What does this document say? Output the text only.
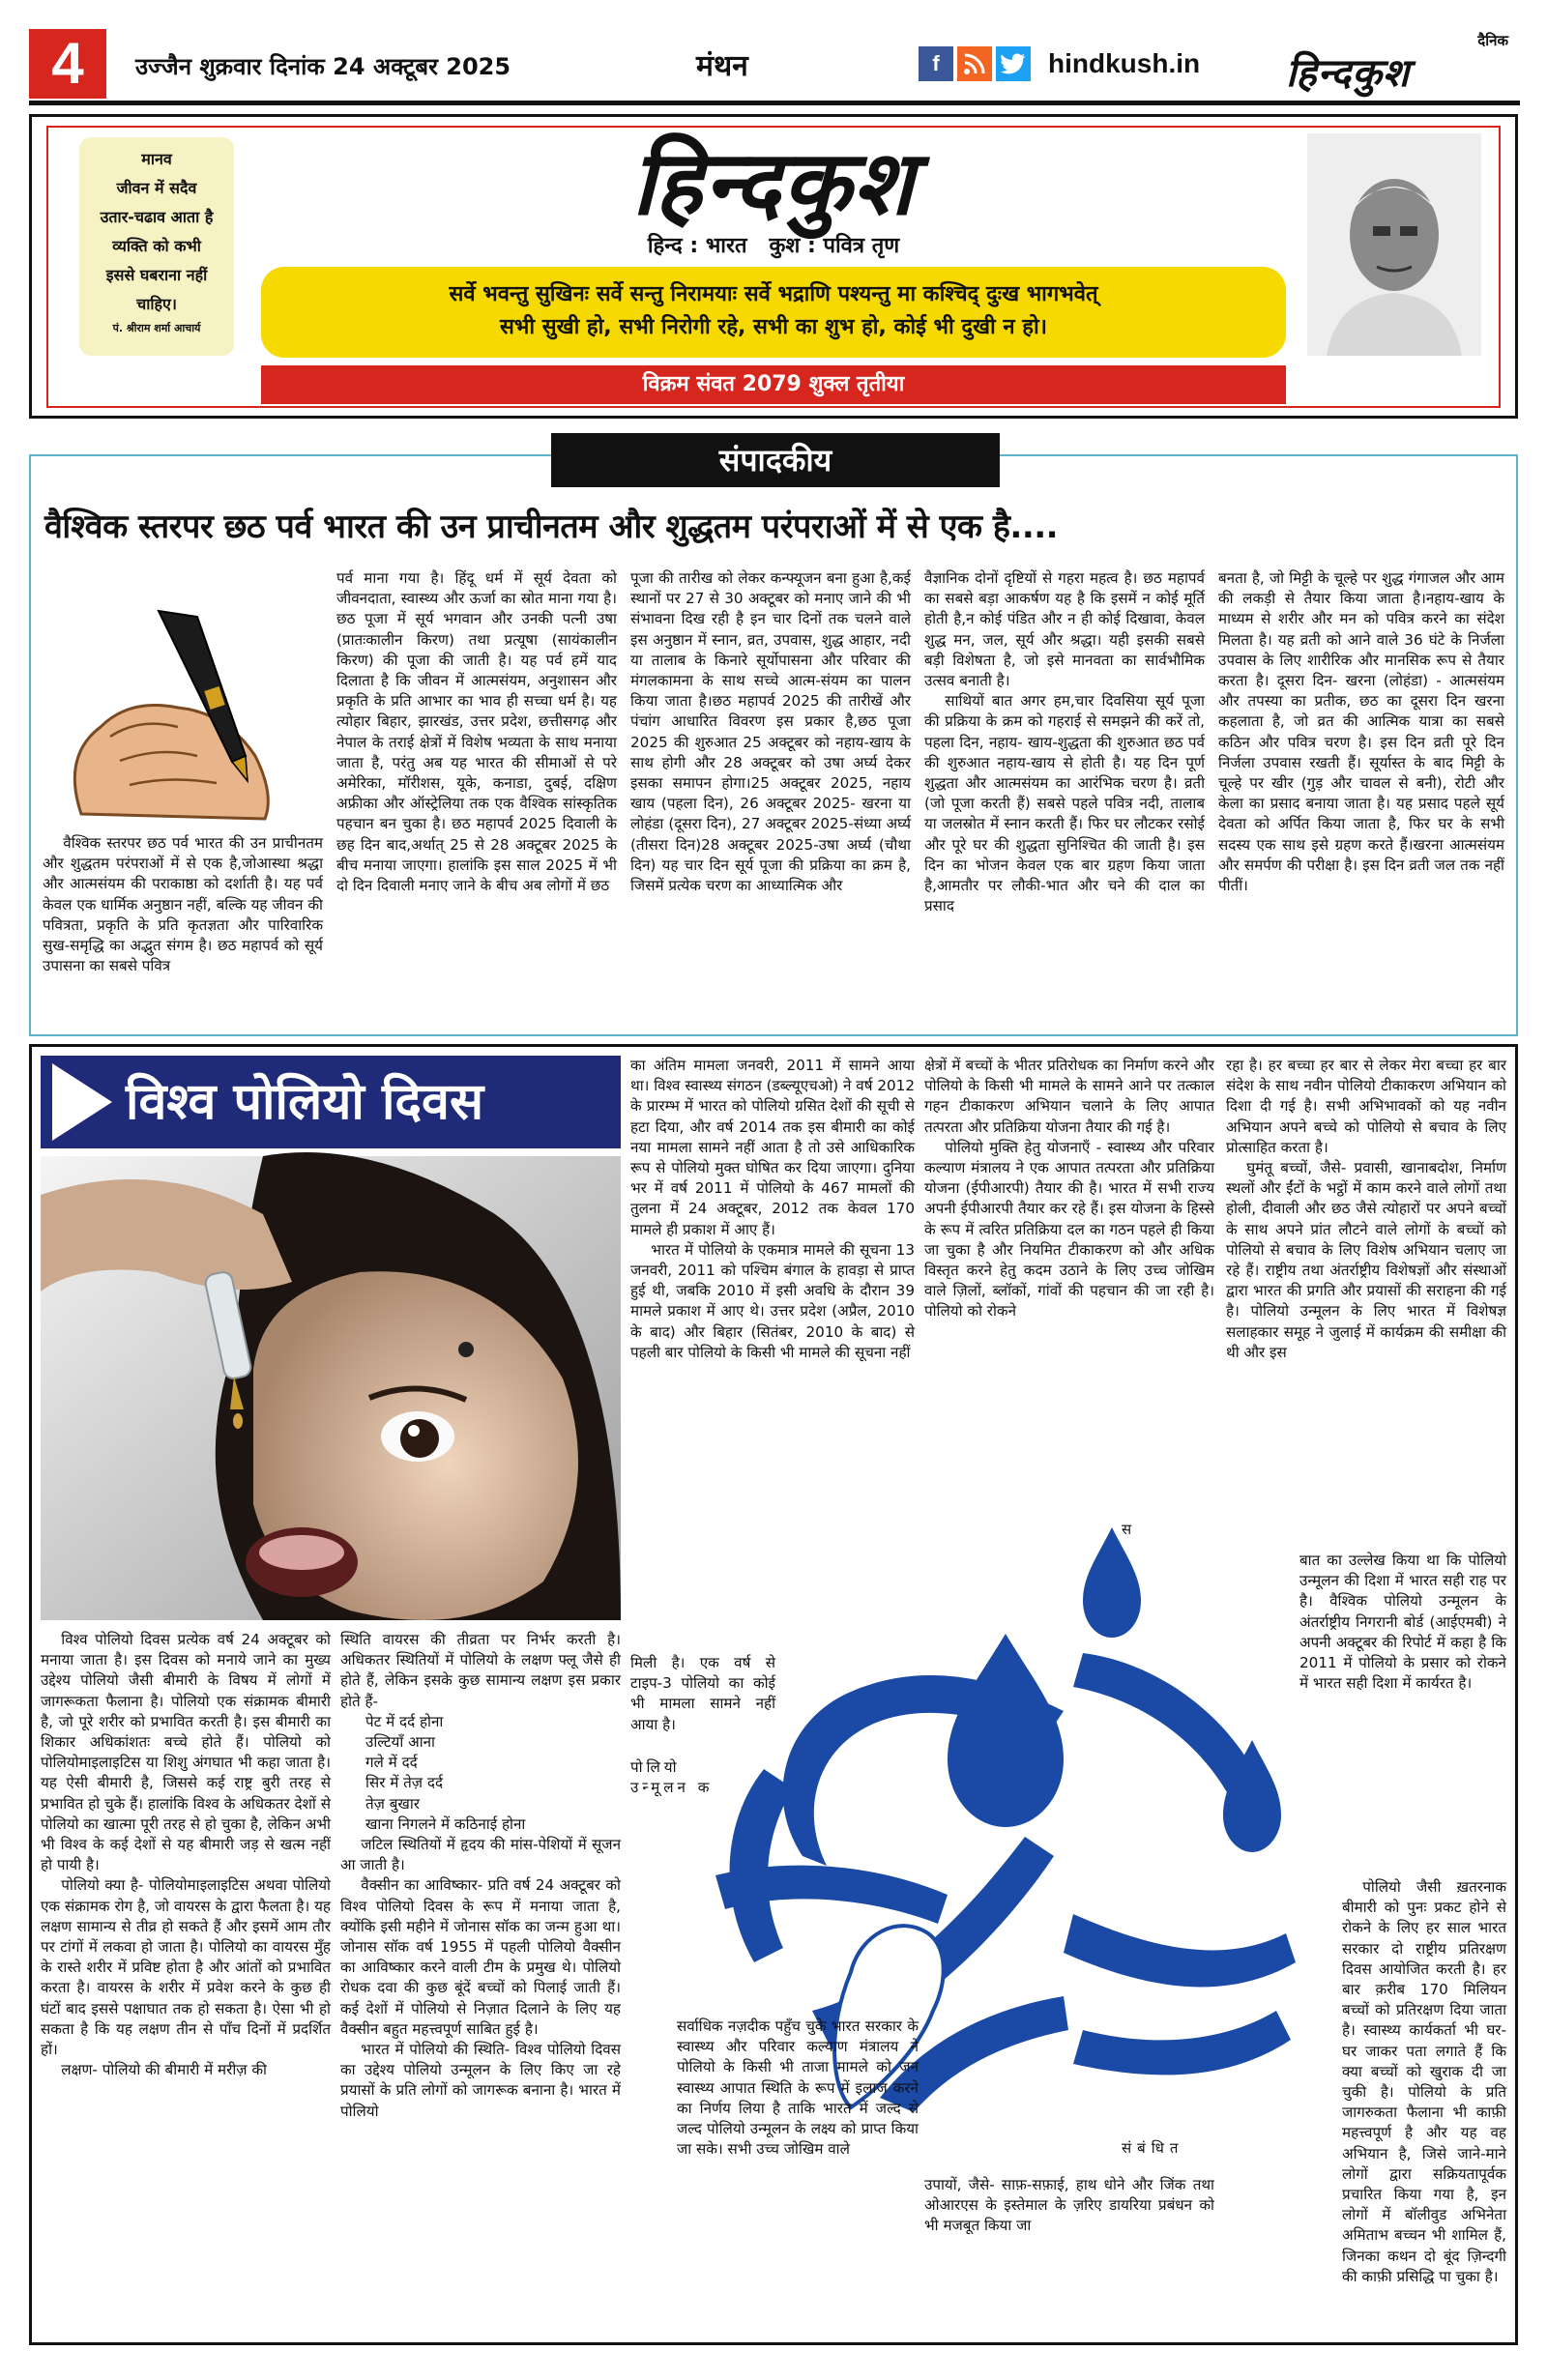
4	उज्जैन शुक्रवार दिनांक 24 अक्टूबर 2025	मंथन	f	hindkush.in
दैनिक
हिन्दकुश
मानव
जीवन में सदैव
उतार-चढाव आता है
व्यक्ति को कभी
इससे घबराना नहीं
चाहिए।
पं. श्रीराम शर्मा आचार्य
हिन्दकुश
हिन्द : भारत   कुश : पवित्र तृण
सर्वे भवन्तु सुखिनः सर्वे सन्तु निरामयाः सर्वे भद्राणि पश्यन्तु मा कश्चिद् दुःख भागभवेत्
सभी सुखी हो, सभी निरोगी रहे, सभी का शुभ हो, कोई भी दुखी न हो।
विक्रम संवत 2079 शुक्ल तृतीया
संपादकीय
वैश्विक स्तरपर छठ पर्व भारत की उन प्राचीनतम और शुद्धतम परंपराओं में से एक है....

वैश्विक स्तरपर छठ पर्व भारत की उन प्राचीनतम और शुद्धतम परंपराओं में से एक है,जोआस्था श्रद्धा और आत्मसंयम की पराकाष्ठा को दर्शाती है। यह पर्व केवल एक धार्मिक अनुष्ठान नहीं, बल्कि यह जीवन की पवित्रता, प्रकृति के प्रति कृतज्ञता और पारिवारिक सुख-समृद्धि का अद्भुत संगम है। छठ महापर्व को सूर्य उपासना का सबसे पवित्र

पर्व माना गया है। हिंदू धर्म में सूर्य देवता को जीवनदाता, स्वास्थ्य और ऊर्जा का स्रोत माना गया है। छठ पूजा में सूर्य भगवान और उनकी पत्नी उषा (प्रातःकालीन किरण) तथा प्रत्यूषा (सायंकालीन किरण) की पूजा की जाती है। यह पर्व हमें याद दिलाता है कि जीवन में आत्मसंयम, अनुशासन और प्रकृति के प्रति आभार का भाव ही सच्चा धर्म है। यह त्योहार बिहार, झारखंड, उत्तर प्रदेश, छत्तीसगढ़ और नेपाल के तराई क्षेत्रों में विशेष भव्यता के साथ मनाया जाता है, परंतु अब यह भारत की सीमाओं से परे अमेरिका, मॉरीशस, यूके, कनाडा, दुबई, दक्षिण अफ्रीका और ऑस्ट्रेलिया तक एक वैश्विक सांस्कृतिक पहचान बन चुका है। छठ महापर्व 2025 दिवाली के छह दिन बाद,अर्थात् 25 से 28 अक्टूबर 2025 के बीच मनाया जाएगा। हालांकि इस साल 2025 में भी दो दिन दिवाली मनाए जाने के बीच अब लोगों में छठ

पूजा की तारीख को लेकर कन्फ्यूजन बना हुआ है,कई स्थानों पर 27 से 30 अक्टूबर को मनाए जाने की भी संभावना दिख रही है इन चार दिनों तक चलने वाले इस अनुष्ठान में स्नान, व्रत, उपवास, शुद्ध आहार, नदी या तालाब के किनारे सूर्योपासना और परिवार की मंगलकामना के साथ सच्चे आत्म-संयम का पालन किया जाता है।छठ महापर्व 2025 की तारीखें और पंचांग आधारित विवरण इस प्रकार है,छठ पूजा 2025 की शुरुआत 25 अक्टूबर को नहाय-खाय के साथ होगी और 28 अक्टूबर को उषा अर्घ्य देकर इसका समापन होगा।25 अक्टूबर 2025, नहाय खाय (पहला दिन), 26 अक्टूबर 2025- खरना या लोहंडा (दूसरा दिन), 27 अक्टूबर 2025-संध्या अर्घ्य (तीसरा दिन)28 अक्टूबर 2025-उषा अर्घ्य (चौथा दिन) यह चार दिन सूर्य पूजा की प्रक्रिया का क्रम है, जिसमें प्रत्येक चरण का आध्यात्मिक और

वैज्ञानिक दोनों दृष्टियों से गहरा महत्व है। छठ महापर्व का सबसे बड़ा आकर्षण यह है कि इसमें न कोई मूर्ति होती है,न कोई पंडित और न ही कोई दिखावा, केवल शुद्ध मन, जल, सूर्य और श्रद्धा। यही इसकी सबसे बड़ी विशेषता है, जो इसे मानवता का सार्वभौमिक उत्सव बनाती है।

साथियों बात अगर हम,चार दिवसिया सूर्य पूजा की प्रक्रिया के क्रम को गहराई से समझने की करें तो, पहला दिन, नहाय- खाय-शुद्धता की शुरुआत छठ पर्व की शुरुआत नहाय-खाय से होती है। यह दिन पूर्ण शुद्धता और आत्मसंयम का आरंभिक चरण है। व्रती (जो पूजा करती हैं) सबसे पहले पवित्र नदी, तालाब या जलस्रोत में स्नान करती हैं। फिर घर लौटकर रसोई और पूरे घर की शुद्धता सुनिश्चित की जाती है। इस दिन का भोजन केवल एक बार ग्रहण किया जाता है,आमतौर पर लौकी-भात और चने की दाल का प्रसाद

बनता है, जो मिट्टी के चूल्हे पर शुद्ध गंगाजल और आम की लकड़ी से तैयार किया जाता है।नहाय-खाय के माध्यम से शरीर और मन को पवित्र करने का संदेश मिलता है। यह व्रती को आने वाले 36 घंटे के निर्जला उपवास के लिए शारीरिक और मानसिक रूप से तैयार करता है। दूसरा दिन- खरना (लोहंडा) - आत्मसंयम और तपस्या का प्रतीक, छठ का दूसरा दिन खरना कहलाता है, जो व्रत की आत्मिक यात्रा का सबसे कठिन और पवित्र चरण है। इस दिन व्रती पूरे दिन निर्जला उपवास रखती हैं। सूर्यास्त के बाद मिट्टी के चूल्हे पर खीर (गुड़ और चावल से बनी), रोटी और केला का प्रसाद बनाया जाता है। यह प्रसाद पहले सूर्य देवता को अर्पित किया जाता है, फिर घर के सभी सदस्य एक साथ इसे ग्रहण करते हैं।खरना आत्मसंयम और समर्पण की परीक्षा है। इस दिन व्रती जल तक नहीं पीतीं।

विश्व पोलियो दिवस

विश्व पोलियो दिवस प्रत्येक वर्ष 24 अक्टूबर को मनाया जाता है। इस दिवस को मनाये जाने का मुख्य उद्देश्य पोलियो जैसी बीमारी के विषय में लोगों में जागरूकता फैलाना है। पोलियो एक संक्रामक बीमारी है, जो पूरे शरीर को प्रभावित करती है। इस बीमारी का शिकार अधिकांशतः बच्चे होते हैं। पोलियो को पोलियोमाइलाइटिस या शिशु अंगघात भी कहा जाता है। यह ऐसी बीमारी है, जिससे कई राष्ट्र बुरी तरह से प्रभावित हो चुके हैं। हालांकि विश्व के अधिकतर देशों से पोलियो का खात्मा पूरी तरह से हो चुका है, लेकिन अभी भी विश्व के कई देशों से यह बीमारी जड़ से खत्म नहीं हो पायी है।

पोलियो क्या है- पोलियोमाइलाइटिस अथवा पोलियो एक संक्रामक रोग है, जो वायरस के द्वारा फैलता है। यह लक्षण सामान्य से तीव्र हो सकते हैं और इसमें आम तौर पर टांगों में लकवा हो जाता है। पोलियो का वायरस मुँह के रास्ते शरीर में प्रविष्ट होता है और आंतों को प्रभावित करता है। वायरस के शरीर में प्रवेश करने के कुछ ही घंटों बाद इससे पक्षाघात तक हो सकता है। ऐसा भी हो सकता है कि यह लक्षण तीन से पाँच दिनों में प्रदर्शित हों।

लक्षण- पोलियो की बीमारी में मरीज़ की

स्थिति वायरस की तीव्रता पर निर्भर करती है। अधिकतर स्थितियों में पोलियो के लक्षण फ्लू जैसे ही होते हैं, लेकिन इसके कुछ सामान्य लक्षण इस प्रकार होते हैं-

पेट में दर्द होना
उल्टियाँ आना
गले में दर्द
सिर में तेज़ दर्द
तेज़ बुखार
खाना निगलने में कठिनाई होना

जटिल स्थितियों में हृदय की मांस-पेशियों में सूजन आ जाती है।

वैक्सीन का आविष्कार- प्रति वर्ष 24 अक्टूबर को विश्व पोलियो दिवस के रूप में मनाया जाता है, क्योंकि इसी महीने में जोनास सॉक का जन्म हुआ था। जोनास सॉक वर्ष 1955 में पहली पोलियो वैक्सीन का आविष्कार करने वाली टीम के प्रमुख थे। पोलियो रोधक दवा की कुछ बूंदें बच्चों को पिलाई जाती हैं। कई देशों में पोलियो से निज़ात दिलाने के लिए यह वैक्सीन बहुत महत्त्वपूर्ण साबित हुई है।

भारत में पोलियो की स्थिति- विश्व पोलियो दिवस का उद्देश्य पोलियो उन्मूलन के लिए किए जा रहे प्रयासों के प्रति लोगों को जागरूक बनाना है। भारत में पोलियो

का अंतिम मामला जनवरी, 2011 में सामने आया था। विश्व स्वास्थ्य संगठन (डब्ल्यूएचओ) ने वर्ष 2012 के प्रारम्भ में भारत को पोलियो ग्रसित देशों की सूची से हटा दिया, और वर्ष 2014 तक इस बीमारी का कोई नया मामला सामने नहीं आता है तो उसे आधिकारिक रूप से पोलियो मुक्त घोषित कर दिया जाएगा। दुनिया भर में वर्ष 2011 में पोलियो के 467 मामलों की तुलना में 24 अक्टूबर, 2012 तक केवल 170 मामले ही प्रकाश में आए हैं।

भारत में पोलियो के एकमात्र मामले की सूचना 13 जनवरी, 2011 को पश्चिम बंगाल के हावड़ा से प्राप्त हुई थी, जबकि 2010 में इसी अवधि के दौरान 39 मामले प्रकाश में आए थे। उत्तर प्रदेश (अप्रैल, 2010 के बाद) और बिहार (सितंबर, 2010 के बाद) से पहली बार पोलियो के किसी भी मामले की सूचना नहीं

मिली है। एक वर्ष से टाइप-3 पोलियो का कोई भी मामला सामने नहीं आया है।

पोलियो उन्मूलन क

क्षेत्रों में बच्चों के भीतर प्रतिरोधक का निर्माण करने और पोलियो के किसी भी मामले के सामने आने पर तत्काल गहन टीकाकरण अभियान चलाने के लिए आपात तत्परता और प्रतिक्रिया योजना तैयार की गई है।

पोलियो मुक्ति हेतु योजनाएँ - स्वास्थ्य और परिवार कल्याण मंत्रालय ने एक आपात तत्परता और प्रतिक्रिया योजना (ईपीआरपी) तैयार की है। भारत में सभी राज्य अपनी ईपीआरपी तैयार कर रहे हैं। इस योजना के हिस्से के रूप में त्वरित प्रतिक्रिया दल का गठन पहले ही किया जा चुका है और नियमित टीकाकरण को और अधिक विस्तृत करने हेतु कदम उठाने के लिए उच्च जोखिम वाले ज़िलों, ब्लॉकों, गांवों की पहचान की जा रही है। पोलियो को रोकने

स

रहा है। हर बच्चा हर बार से लेकर मेरा बच्चा हर बार संदेश के साथ नवीन पोलियो टीकाकरण अभियान को दिशा दी गई है। सभी अभिभावकों को यह नवीन अभियान अपने बच्चे को पोलियो से बचाव के लिए प्रोत्साहित करता है।

घुमंतू बच्चों, जैसे- प्रवासी, खानाबदोश, निर्माण स्थलों और ईंटों के भट्ठों में काम करने वाले लोगों तथा होली, दीवाली और छठ जैसे त्योहारों पर अपने बच्चों के साथ अपने प्रांत लौटने वाले लोगों के बच्चों को पोलियो से बचाव के लिए विशेष अभियान चलाए जा रहे हैं। राष्ट्रीय तथा अंतर्राष्ट्रीय विशेषज्ञों और संस्थाओं द्वारा भारत की प्रगति और प्रयासों की सराहना की गई है। पोलियो उन्मूलन के लिए भारत में विशेषज्ञ सलाहकार समूह ने जुलाई में कार्यक्रम की समीक्षा की थी और इस

बात का उल्लेख किया था कि पोलियो उन्मूलन की दिशा में भारत सही राह पर है। वैश्विक पोलियो उन्मूलन के अंतर्राष्ट्रीय निगरानी बोर्ड (आईएमबी) ने अपनी अक्टूबर की रिपोर्ट में कहा है कि 2011 में पोलियो के प्रसार को रोकने में भारत सही दिशा में कार्यरत है।

पोलियो जैसी ख़तरनाक बीमारी को पुनः प्रकट होने से रोकने के लिए हर साल भारत सरकार दो राष्ट्रीय प्रतिरक्षण दिवस आयोजित करती है। हर बार क़रीब 170 मिलियन बच्चों को प्रतिरक्षण दिया जाता है। स्वास्थ्य कार्यकर्ता भी घर-घर जाकर पता लगाते हैं कि क्या बच्चों को खुराक दी जा चुकी है। पोलियो के प्रति जागरुकता फैलाना भी काफ़ी महत्त्वपूर्ण है और यह वह अभियान है, जिसे जाने-माने लोगों द्वारा सक्रियतापूर्वक प्रचारित किया गया है, इन लोगों में बॉलीवुड अभिनेता अमिताभ बच्चन भी शामिल हैं, जिनका कथन दो बूंद ज़िन्दगी की काफ़ी प्रसिद्धि पा चुका है।

सर्वाधिक नज़दीक पहुँच चुके भारत सरकार के स्वास्थ्य और परिवार कल्याण मंत्रालय ने पोलियो के किसी भी ताजा मामले को जन स्वास्थ्य आपात स्थिति के रूप में इलाज करने का निर्णय लिया है ताकि भारत में जल्द से जल्द पोलियो उन्मूलन के लक्ष्य को प्राप्त किया जा सके। सभी उच्च जोखिम वाले	संबंधित

उपायों, जैसे- साफ़-सफ़ाई, हाथ धोने और जिंक तथा ओआरएस के इस्तेमाल के ज़रिए डायरिया प्रबंधन को भी मजबूत किया जा
